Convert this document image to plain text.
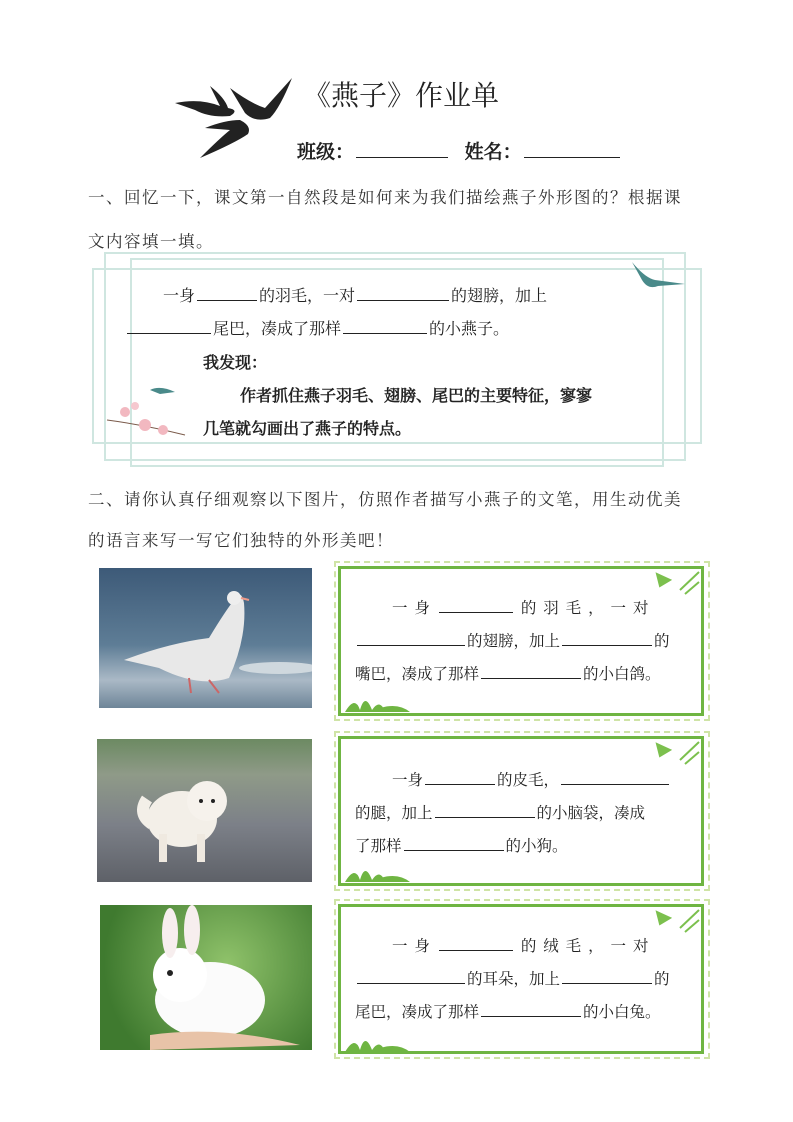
《燕子》作业单
班级：	姓名：
一、回忆一下，课文第一自然段是如何来为我们描绘燕子外形图的？根据课
文内容填一填。
一身	的羽毛，一对	的翅膀，加上
尾巴，凑成了那样	的小燕子。
我发现：
作者抓住燕子羽毛、翅膀、尾巴的主要特征，寥寥
几笔就勾画出了燕子的特点。
二、请你认真仔细观察以下图片，仿照作者描写小燕子的文笔，用生动优美
的语言来写一写它们独特的外形美吧！
一 身	的 羽 毛 ， 一 对
的翅膀，加上	的
嘴巴，凑成了那样	的小白鸽。
一身	的皮毛，
的腿，加上	的小脑袋，凑成
了那样	的小狗。
一 身	的 绒 毛 ， 一 对
的耳朵，加上	的
尾巴，凑成了那样	的小白兔。
